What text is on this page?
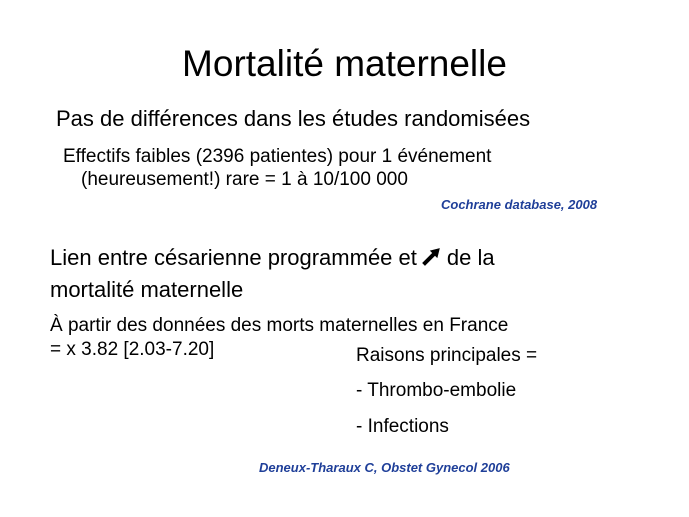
Mortalité maternelle
Pas de différences dans les études randomisées
Effectifs faibles (2396 patientes) pour 1 événement
(heureusement!) rare = 1 à 10/100 000
Cochrane database, 2008
Lien entre césarienne programmée et de la
mortalité maternelle
À partir des données des morts maternelles en France
= x 3.82 [2.03-7.20]	Raisons principales =
- Thrombo-embolie
- Infections
Deneux-Tharaux C, Obstet Gynecol 2006
